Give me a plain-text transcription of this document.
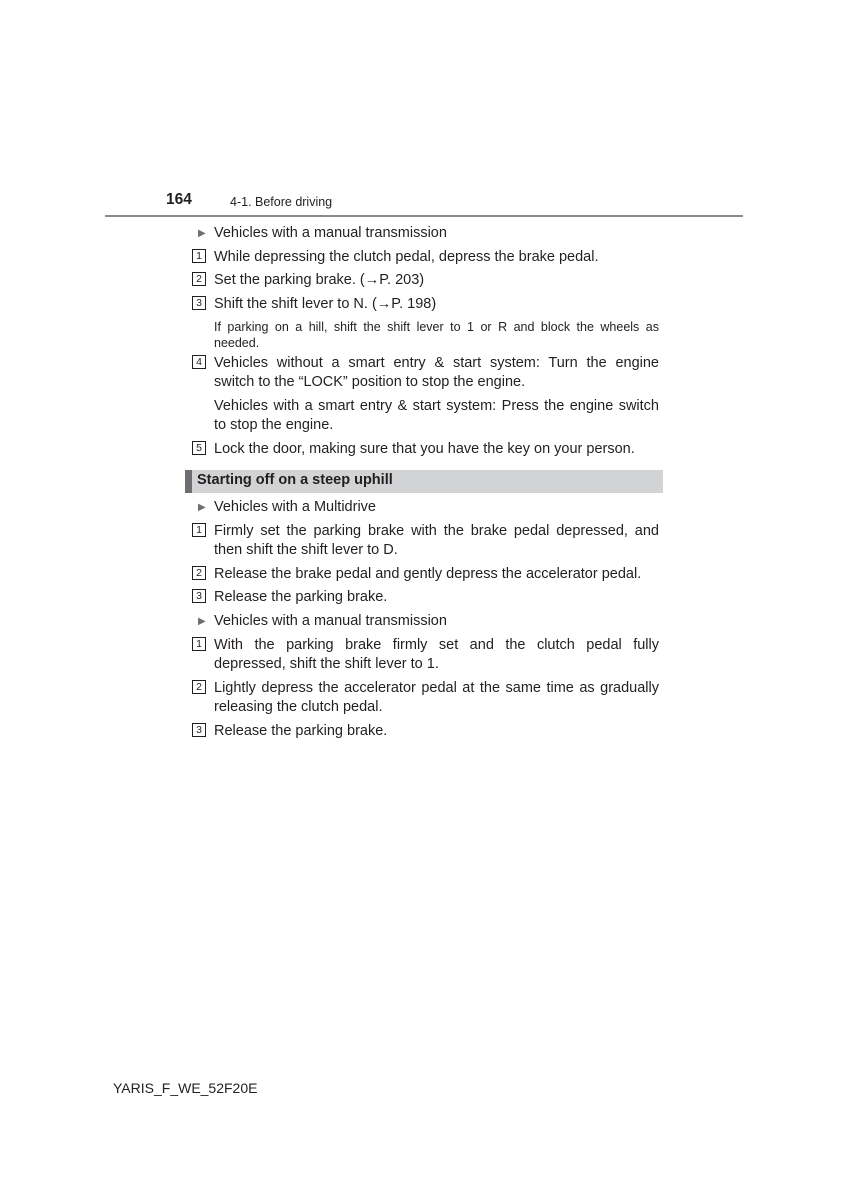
164	4-1. Before driving
▶ Vehicles with a manual transmission
1 While depressing the clutch pedal, depress the brake pedal.
2 Set the parking brake. (→P. 203)
3 Shift the shift lever to N. (→P. 198)
If parking on a hill, shift the shift lever to 1 or R and block the wheels as
needed.
4 Vehicles without a smart entry & start system: Turn the engine
switch to the “LOCK” position to stop the engine.
Vehicles with a smart entry & start system: Press the engine switch
to stop the engine.
5 Lock the door, making sure that you have the key on your person.
Starting off on a steep uphill
▶ Vehicles with a Multidrive
1 Firmly set the parking brake with the brake pedal depressed, and
then shift the shift lever to D.
2 Release the brake pedal and gently depress the accelerator pedal.
3 Release the parking brake.
▶ Vehicles with a manual transmission
1 With the parking brake firmly set and the clutch pedal fully
depressed, shift the shift lever to 1.
2 Lightly depress the accelerator pedal at the same time as gradually
releasing the clutch pedal.
3 Release the parking brake.
YARIS_F_WE_52F20E
